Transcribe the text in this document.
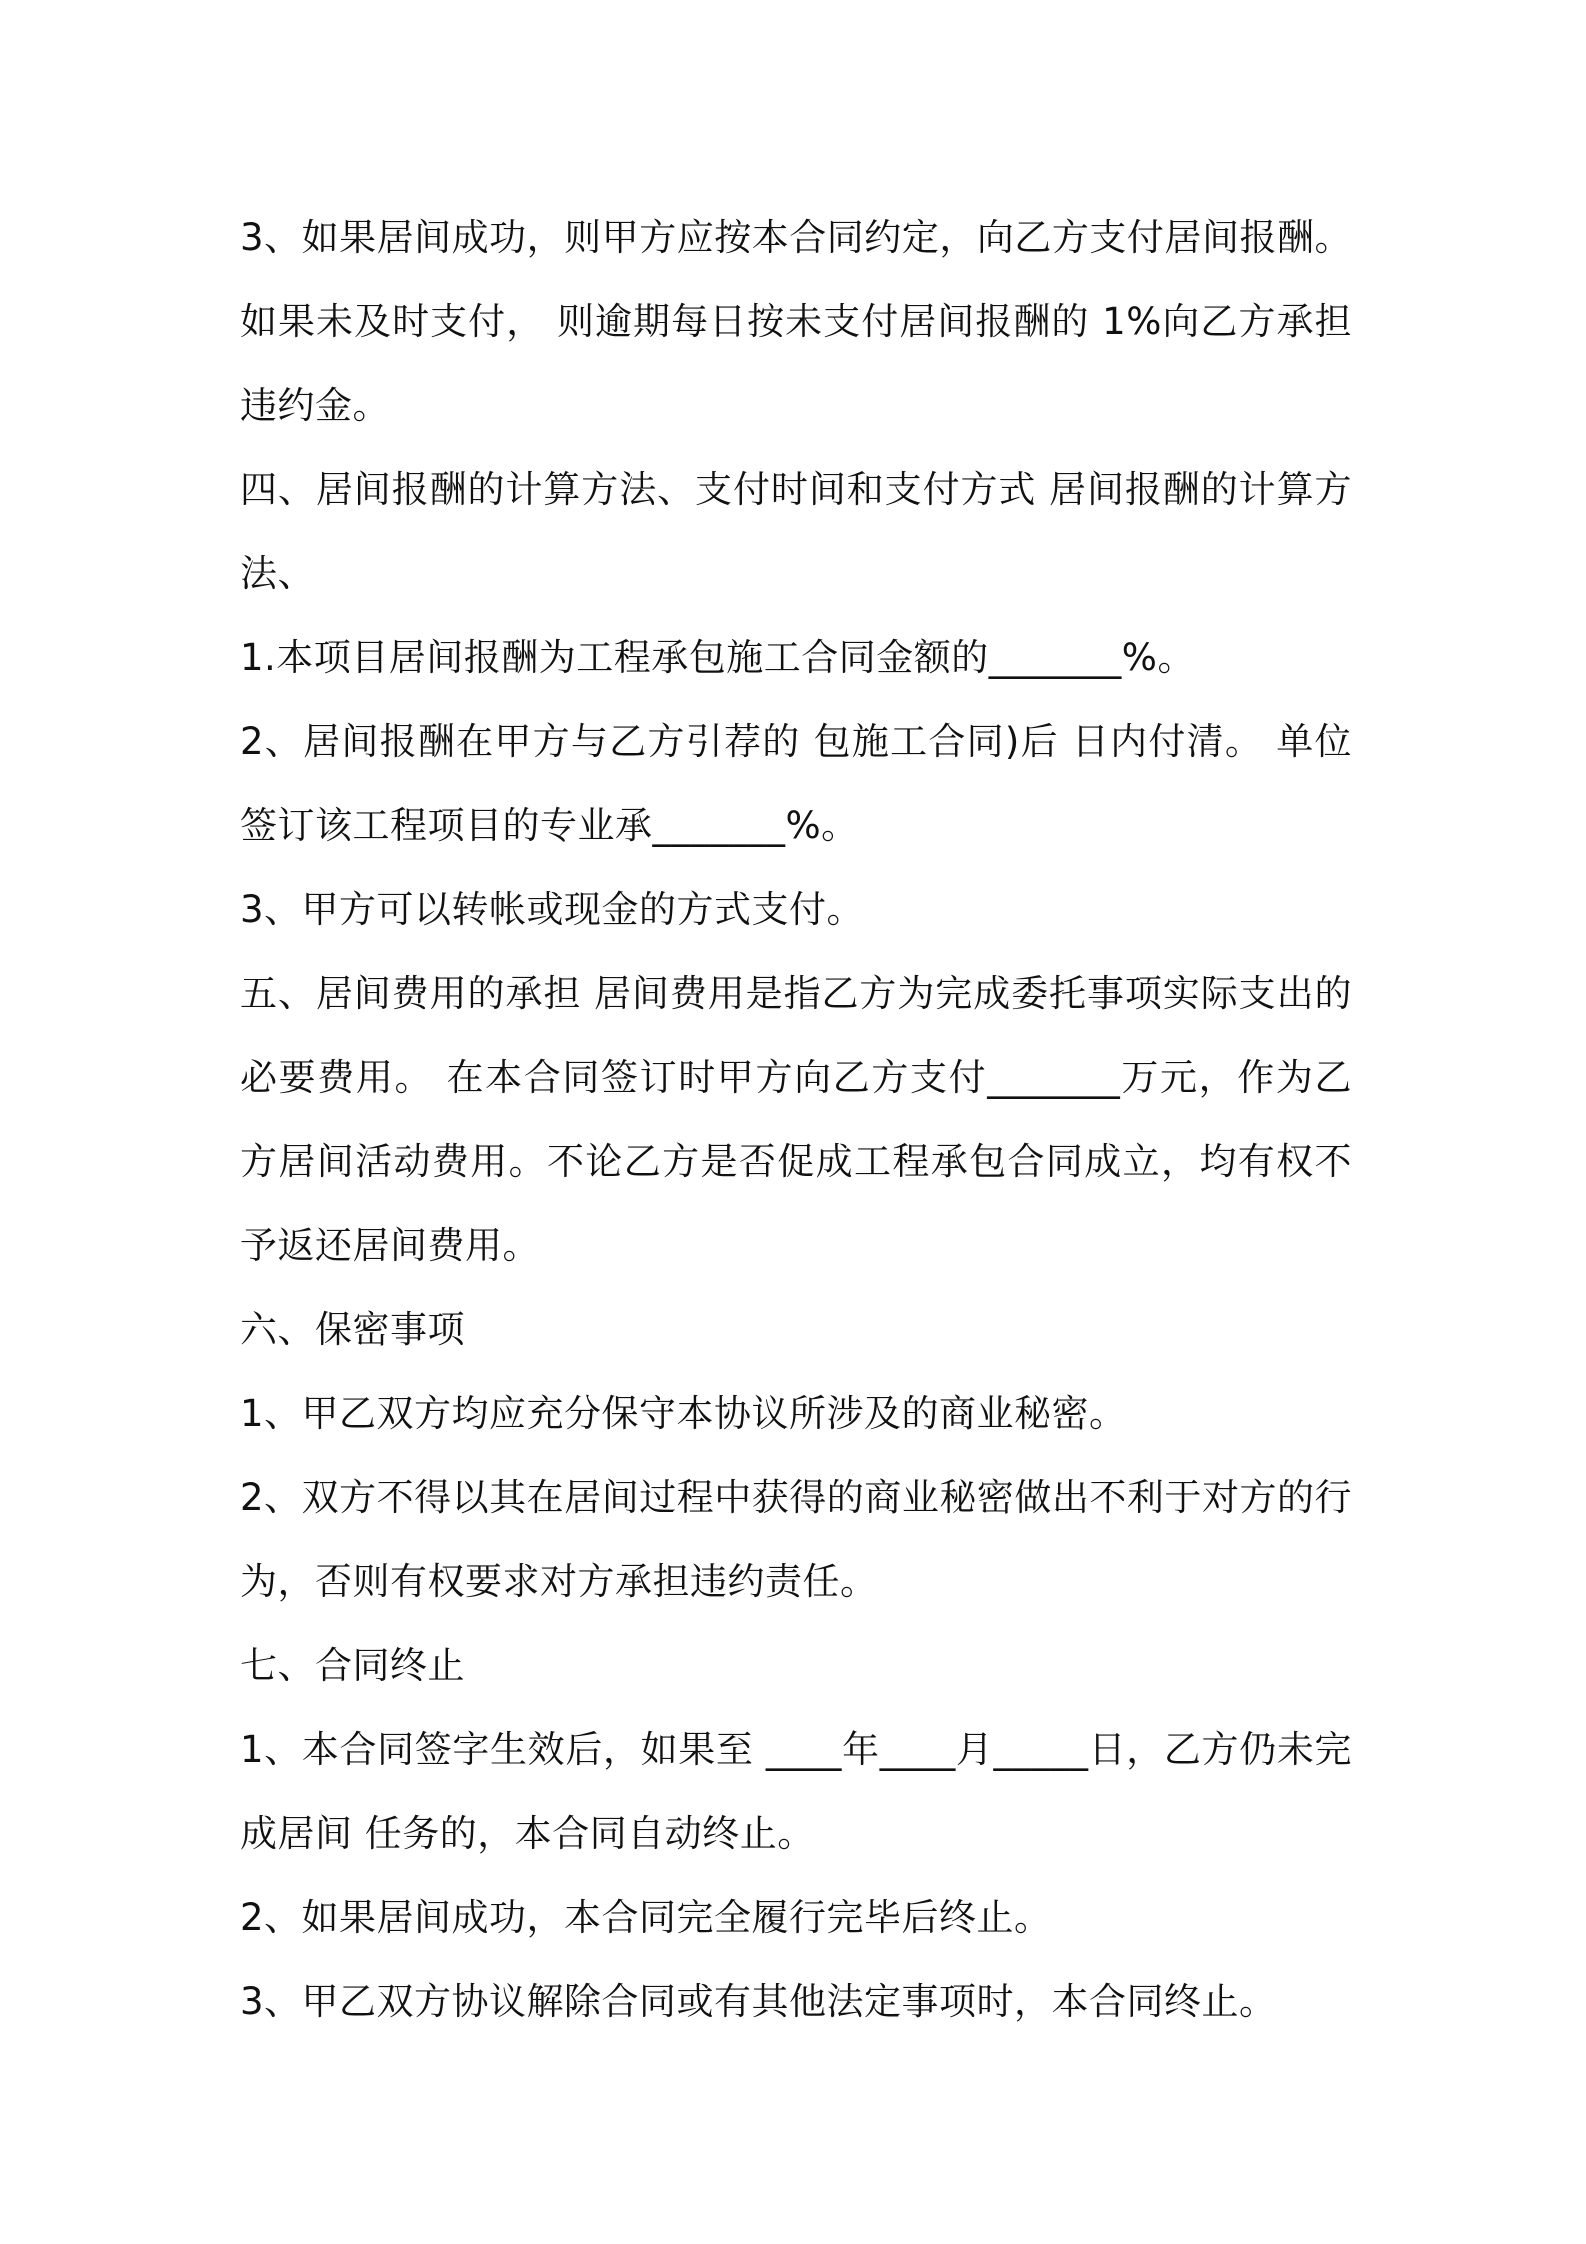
3、如果居间成功，则甲方应按本合同约定，向乙方支付居间报酬。 如果未及时支付， 则逾期每日按未支付居间报酬的 1%向乙方承担违约金。

四、居间报酬的计算方法、支付时间和支付方式 居间报酬的计算方法、

1.本项目居间报酬为工程承包施工合同金额的_______%。

2、居间报酬在甲方与乙方引荐的 包施工合同)后 日内付清。 单位签订该工程项目的专业承_______%。

3、甲方可以转帐或现金的方式支付。

五、居间费用的承担 居间费用是指乙方为完成委托事项实际支出的必要费用。 在本合同签订时甲方向乙方支付_______万元，作为乙方居间活动费用。不论乙方是否促成工程承包合同成立，均有权不予返还居间费用。

六、保密事项

1、甲乙双方均应充分保守本协议所涉及的商业秘密。

2、双方不得以其在居间过程中获得的商业秘密做出不利于对方的行为，否则有权要求对方承担违约责任。

七、合同终止

1、本合同签字生效后，如果至 ____年____月_____日，乙方仍未完成居间 任务的，本合同自动终止。

2、如果居间成功，本合同完全履行完毕后终止。

3、甲乙双方协议解除合同或有其他法定事项时，本合同终止。
